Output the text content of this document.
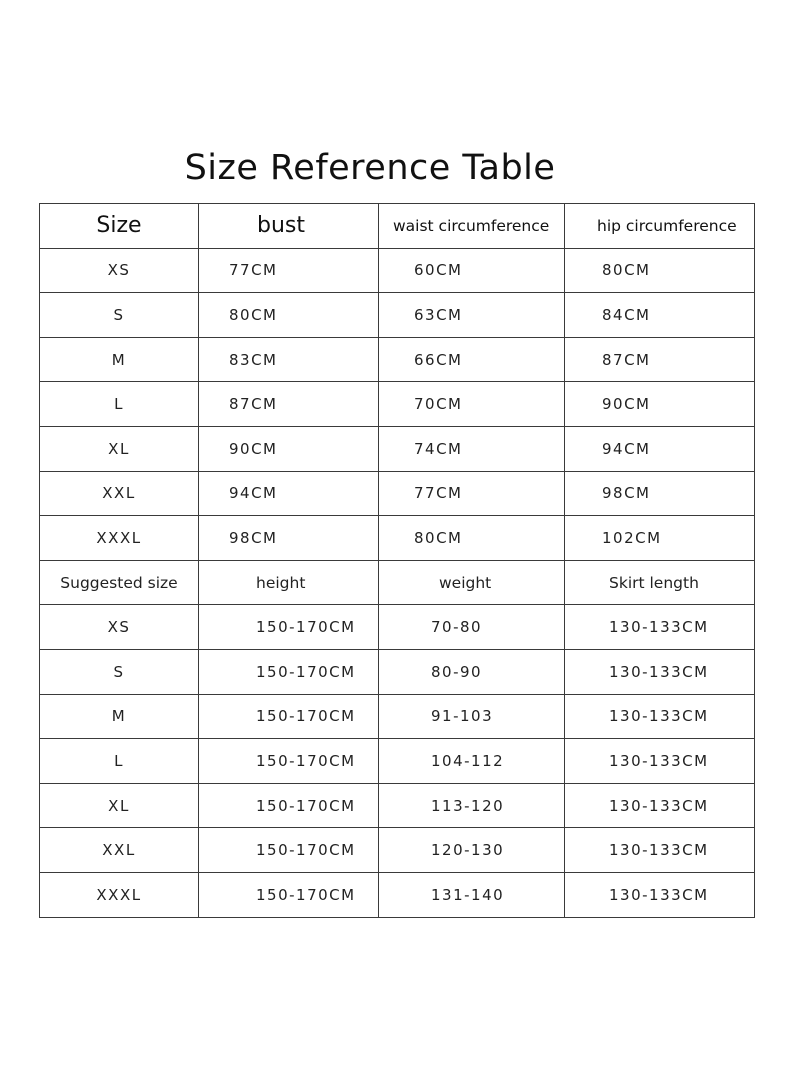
Size Reference Table
Size	bust	waist circumference	hip circumference
XS	77CM	60CM	80CM
S	80CM	63CM	84CM
M	83CM	66CM	87CM
L	87CM	70CM	90CM
XL	90CM	74CM	94CM
XXL	94CM	77CM	98CM
XXXL	98CM	80CM	102CM
Suggested size	height	weight	Skirt length
XS	150-170CM	70-80	130-133CM
S	150-170CM	80-90	130-133CM
M	150-170CM	91-103	130-133CM
L	150-170CM	104-112	130-133CM
XL	150-170CM	113-120	130-133CM
XXL	150-170CM	120-130	130-133CM
XXXL	150-170CM	131-140	130-133CM
